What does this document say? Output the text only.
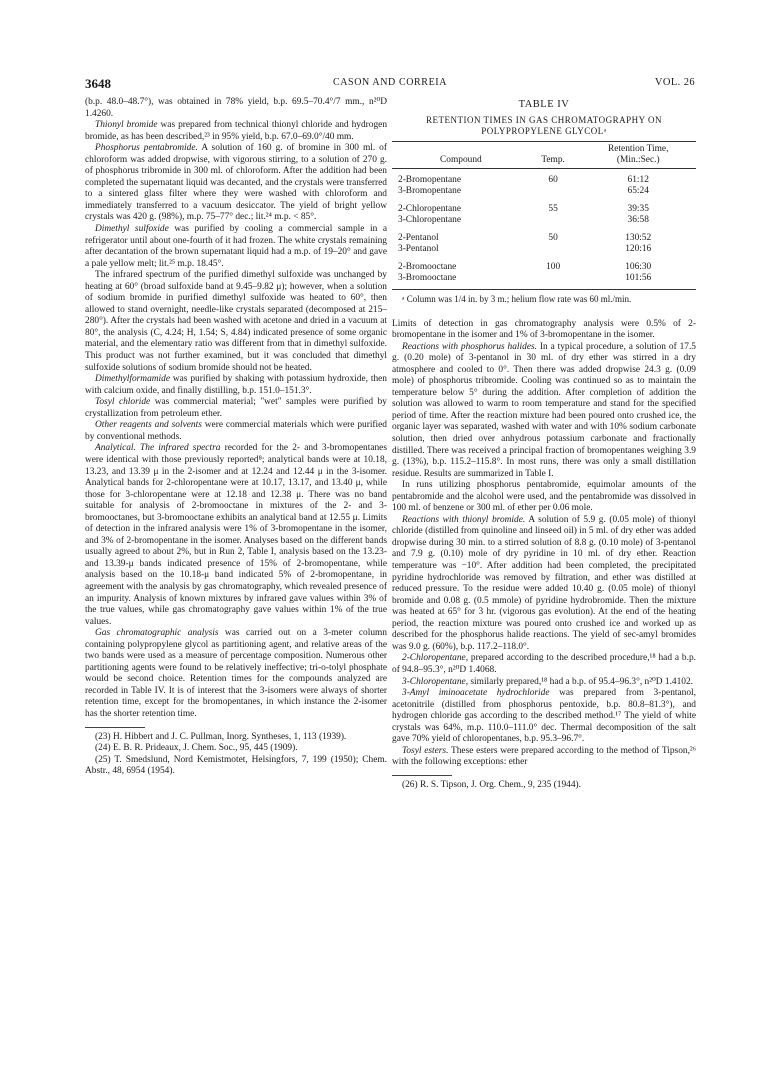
3648	CASON AND CORREIA	VOL. 26

(b.p. 48.0–48.7°), was obtained in 78% yield, b.p. 69.5–70.4°/7 mm., n²⁰D 1.4260.

Thionyl bromide was prepared from technical thionyl chloride and hydrogen bromide, as has been described,²³ in 95% yield, b.p. 67.0–69.0°/40 mm.

Phosphorus pentabromide. A solution of 160 g. of bromine in 300 ml. of chloroform was added dropwise, with vigorous stirring, to a solution of 270 g. of phosphorus tribromide in 300 ml. of chloroform. After the addition had been completed the supernatant liquid was decanted, and the crystals were transferred to a sintered glass filter where they were washed with chloroform and immediately transferred to a vacuum desiccator. The yield of bright yellow crystals was 420 g. (98%), m.p. 75–77° dec.; lit.²⁴ m.p. < 85°.

Dimethyl sulfoxide was purified by cooling a commercial sample in a refrigerator until about one-fourth of it had frozen. The white crystals remaining after decantation of the brown supernatant liquid had a m.p. of 19–20° and gave a pale yellow melt; lit.²⁵ m.p. 18.45°.

The infrared spectrum of the purified dimethyl sulfoxide was unchanged by heating at 60° (broad sulfoxide band at 9.45–9.82 μ); however, when a solution of sodium bromide in purified dimethyl sulfoxide was heated to 60°, then allowed to stand overnight, needle-like crystals separated (decomposed at 215–280°). After the crystals had been washed with acetone and dried in a vacuum at 80°, the analysis (C, 4.24; H, 1.54; S, 4.84) indicated presence of some organic material, and the elementary ratio was different from that in dimethyl sulfoxide. This product was not further examined, but it was concluded that dimethyl sulfoxide solutions of sodium bromide should not be heated.

Dimethylformamide was purified by shaking with potassium hydroxide, then with calcium oxide, and finally distilling, b.p. 151.0–151.3°.

Tosyl chloride was commercial material; "wet" samples were purified by crystallization from petroleum ether.

Other reagents and solvents were commercial materials which were purified by conventional methods.

Analytical. The infrared spectra recorded for the 2- and 3-bromopentanes were identical with those previously reported⁸; analytical bands were at 10.18, 13.23, and 13.39 μ in the 2-isomer and at 12.24 and 12.44 μ in the 3-isomer. Analytical bands for 2-chloropentane were at 10.17, 13.17, and 13.40 μ, while those for 3-chloropentane were at 12.18 and 12.38 μ. There was no band suitable for analysis of 2-bromooctane in mixtures of the 2- and 3-bromooctanes, but 3-bromooctane exhibits an analytical band at 12.55 μ. Limits of detection in the infrared analysis were 1% of 3-bromopentane in the isomer, and 3% of 2-bromopentane in the isomer. Analyses based on the different bands usually agreed to about 2%, but in Run 2, Table I, analysis based on the 13.23- and 13.39-μ bands indicated presence of 15% of 2-bromopentane, while analysis based on the 10.18-μ band indicated 5% of 2-bromopentane, in agreement with the analysis by gas chromatography, which revealed presence of an impurity. Analysis of known mixtures by infrared gave values within 3% of the true values, while gas chromatography gave values within 1% of the true values.

Gas chromatographic analysis was carried out on a 3-meter column containing polypropylene glycol as partitioning agent, and relative areas of the two bands were used as a measure of percentage composition. Numerous other partitioning agents were found to be relatively ineffective; tri-o-tolyl phosphate would be second choice. Retention times for the compounds analyzed are recorded in Table IV. It is of interest that the 3-isomers were always of shorter retention time, except for the bromopentanes, in which instance the 2-isomer has the shorter retention time.

(23) H. Hibbert and J. C. Pullman, Inorg. Syntheses, 1, 113 (1939).

(24) E. B. R. Prideaux, J. Chem. Soc., 95, 445 (1909).

(25) T. Smedslund, Nord Kemistmotet, Helsingfors, 7, 199 (1950); Chem. Abstr., 48, 6954 (1954).

TABLE IV
RETENTION TIMES IN GAS CHROMATOGRAPHY ON POLYPROPYLENE GLYCOLᵃ

Compound	Temp.	Retention Time,
(Min.:Sec.)
2-Bromopentane	60	61:12
3-Bromopentane		65:24
2-Chloropentane	55	39:35
3-Chloropentane		36:58
2-Pentanol	50	130:52
3-Pentanol		120:16
2-Bromooctane	100	106:30
3-Bromooctane		101:56
ᵃ Column was 1/4 in. by 3 m.; helium flow rate was 60 ml./min.

Limits of detection in gas chromatography analysis were 0.5% of 2-bromopentane in the isomer and 1% of 3-bromopentane in the isomer.

Reactions with phosphorus halides. In a typical procedure, a solution of 17.5 g. (0.20 mole) of 3-pentanol in 30 ml. of dry ether was stirred in a dry atmosphere and cooled to 0°. Then there was added dropwise 24.3 g. (0.09 mole) of phosphorus tribromide. Cooling was continued so as to maintain the temperature below 5° during the addition. After completion of addition the solution was allowed to warm to room temperature and stand for the specified period of time. After the reaction mixture had been poured onto crushed ice, the organic layer was separated, washed with water and with 10% sodium carbonate solution, then dried over anhydrous potassium carbonate and fractionally distilled. There was received a principal fraction of bromopentanes weighing 3.9 g. (13%), b.p. 115.2–115.8°. In most runs, there was only a small distillation residue. Results are summarized in Table I.

In runs utilizing phosphorus pentabromide, equimolar amounts of the pentabromide and the alcohol were used, and the pentabromide was dissolved in 100 ml. of benzene or 300 ml. of ether per 0.06 mole.

Reactions with thionyl bromide. A solution of 5.9 g. (0.05 mole) of thionyl chloride (distilled from quinoline and linseed oil) in 5 ml. of dry ether was added dropwise during 30 min. to a stirred solution of 8.8 g. (0.10 mole) of 3-pentanol and 7.9 g. (0.10) mole of dry pyridine in 10 ml. of dry ether. Reaction temperature was −10°. After addition had been completed, the precipitated pyridine hydrochloride was removed by filtration, and ether was distilled at reduced pressure. To the residue were added 10.40 g. (0.05 mole) of thionyl bromide and 0.08 g. (0.5 mmole) of pyridine hydrobromide. Then the mixture was heated at 65° for 3 hr. (vigorous gas evolution). At the end of the heating period, the reaction mixture was poured onto crushed ice and worked up as described for the phosphorus halide reactions. The yield of sec-amyl bromides was 9.0 g. (60%), b.p. 117.2–118.0°.

2-Chloropentane, prepared according to the described procedure,¹⁸ had a b.p. of 94.8–95.3°, n²⁰D 1.4068.

3-Chloropentane, similarly prepared,¹⁸ had a b.p. of 95.4–96.3°, n²⁰D 1.4102.

3-Amyl iminoacetate hydrochloride was prepared from 3-pentanol, acetonitrile (distilled from phosphorus pentoxide, b.p. 80.8–81.3°), and hydrogen chloride gas according to the described method.¹⁷ The yield of white crystals was 64%, m.p. 110.0–111.0° dec. Thermal decomposition of the salt gave 70% yield of chloropentanes, b.p. 95.3–96.7°.

Tosyl esters. These esters were prepared according to the method of Tipson,²⁶ with the following exceptions: ether

(26) R. S. Tipson, J. Org. Chem., 9, 235 (1944).
